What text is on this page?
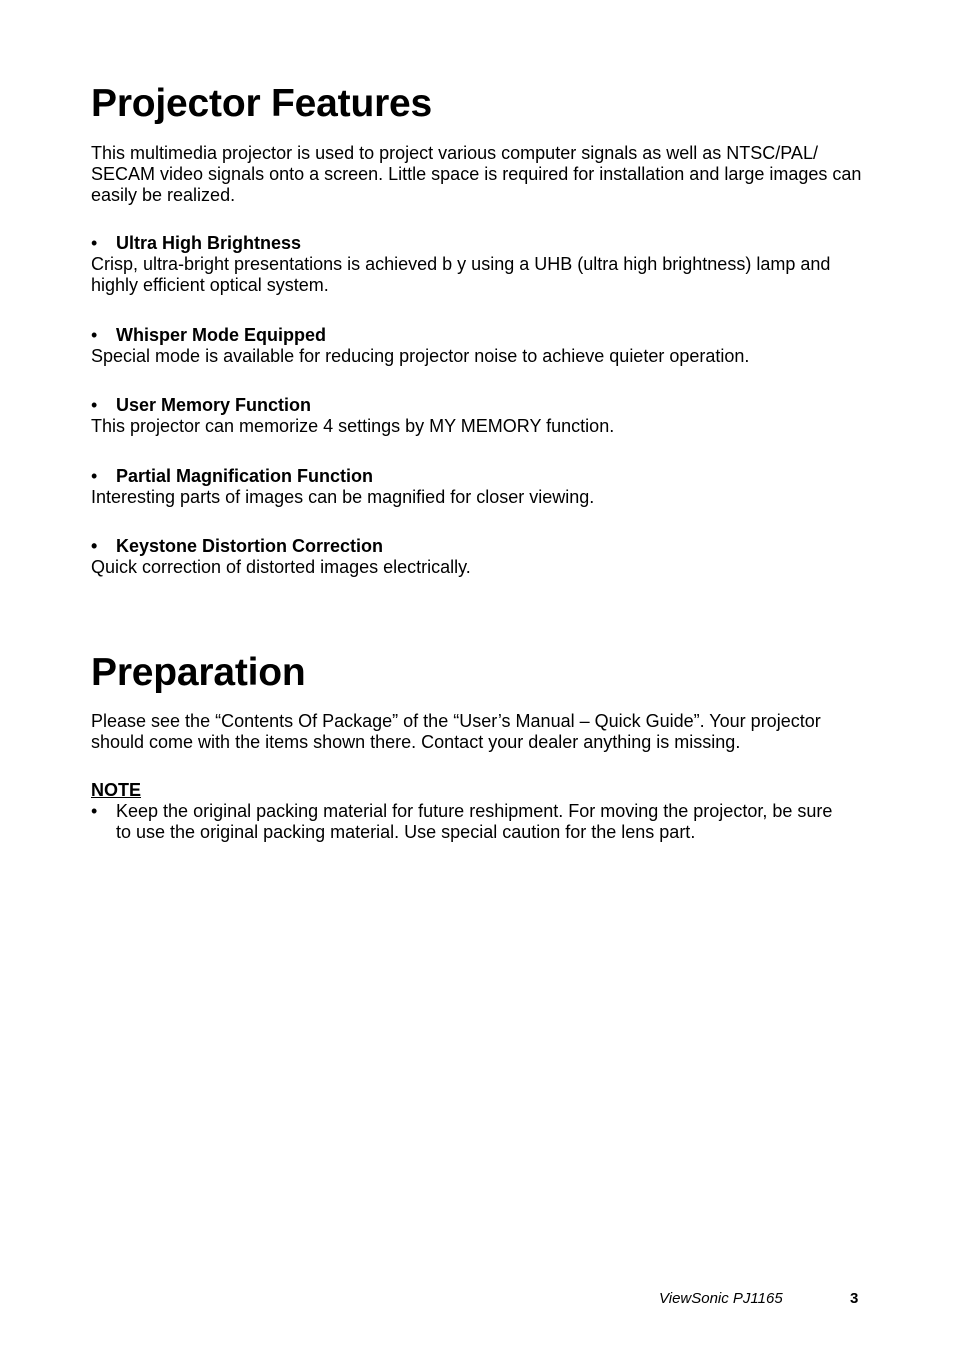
Projector Features

This multimedia projector is used to project various computer signals as well as NTSC/PAL/ SECAM video signals onto a screen. Little space is required for installation and large images can easily be realized.

•	Ultra High Brightness

Crisp, ultra-bright presentations is achieved b y using a UHB (ultra high brightness) lamp and highly efficient optical system.

•	Whisper Mode Equipped

Special mode is available for reducing projector noise to achieve quieter operation.

•	User Memory Function

This projector can memorize 4 settings by MY MEMORY function.

•	Partial Magnification Function

Interesting parts of images can be magnified for closer viewing.

•	Keystone Distortion Correction

Quick correction of distorted images electrically.

Preparation

Please see the “Contents Of Package” of the “User’s Manual – Quick Guide”. Your projector should come with the items shown there. Contact your dealer anything is missing.

NOTE
•	Keep the original packing material for future reshipment. For moving the projector, be sure to use the original packing material. Use special caution for the lens part.
ViewSonic PJ1165	3
